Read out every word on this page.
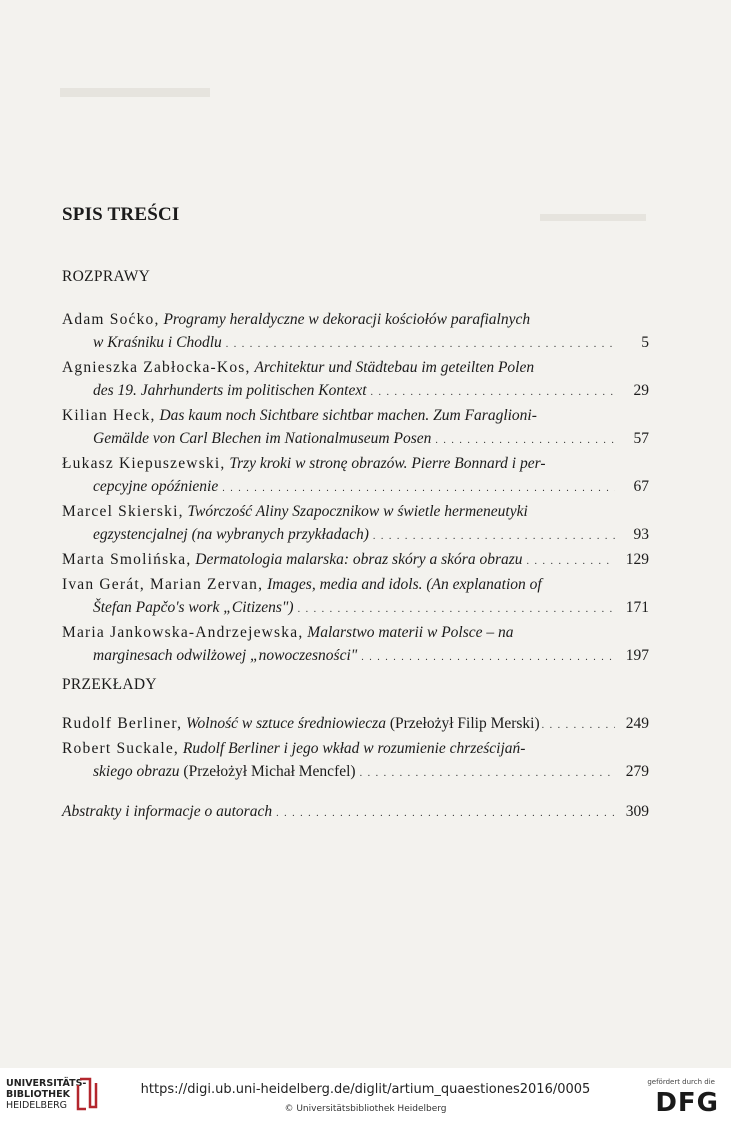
SPIS TREŚCI
ROZPRAWY
Adam Soćko,
Programy heraldyczne w dekoracji kościołów parafialnych
w Kraśniku i Chodlu . . .	5
Agnieszka Zabłocka-Kos,
Architektur und Städtebau im geteilten Polen
des 19. Jahrhunderts im politischen Kontext . . .	29
Kilian Heck,
Das kaum noch Sichtbare sichtbar machen. Zum Faraglioni-
Gemälde von Carl Blechen im Nationalmuseum Posen . . .	57
Łukasz Kiepuszewski,
Trzy kroki w stronę obrazów. Pierre Bonnard i per-
cepcyjne opóźnienie . . .	67
Marcel Skierski,
Twórczość Aliny Szapocznikow w świetle hermeneutyki
egzystencjalnej (na wybranych przykładach) . . .	93
Marta Smolińska,
Dermatologia malarska: obraz skóry a skóra obrazu . . .	129
Ivan Gerát, Marian Zervan,
Images, media and idols. (An explanation of
Štefan Papčo's work „Citizens") . . .	171
Maria Jankowska-Andrzejewska,
Malarstwo materii w Polsce – na
marginesach odwilżowej „nowoczesności" . . .	197
PRZEKŁADY
Rudolf Berliner,
Wolność w sztuce średniowiecza
(Przełożył Filip Merski) . . .	249
Robert Suckale,
Rudolf Berliner i jego wkład w rozumienie chrześcijań-
skiego obrazu
(Przełożył Michał Mencfel) . . .	279
Abstrakty i informacje o autorach . . .	309
UNIVERSITÄTS-
BIBLIOTHEK
HEIDELBERG
https://digi.ub.uni-heidelberg.de/diglit/artium_quaestiones2016/0005
© Universitätsbibliothek Heidelberg
gefördert durch die
DFG
